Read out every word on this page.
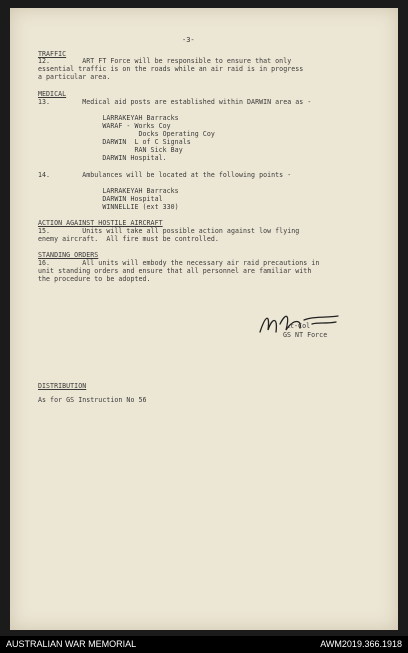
-3-
TRAFFIC
12.        ART FT Force will be responsible to ensure that only
essential traffic is on the roads while an air raid is in progress
a particular area.
MEDICAL
13.        Medical aid posts are established within DARWIN area as -
LARRAKEYAH Barracks
WARAF - Works Coy
Docks Operating Coy
DARWIN  L of C Signals
RAN Sick Bay
DARWIN Hospital.
14.        Ambulances will be located at the following points -
LARRAKEYAH Barracks
DARWIN Hospital
WINNELLIE (ext 330)
ACTION AGAINST HOSTILE AIRCRAFT
15.        Units will take all possible action against low flying
enemy aircraft.  All fire must be controlled.
STANDING ORDERS
16.        All units will embody the necessary air raid precautions in
unit standing orders and ensure that all personnel are familiar with
the procedure to be adopted.
Lt-Col
GS NT Force
DISTRIBUTION
As for GS Instruction No 56
AUSTRALIAN WAR MEMORIAL	AWM2019.366.1918
